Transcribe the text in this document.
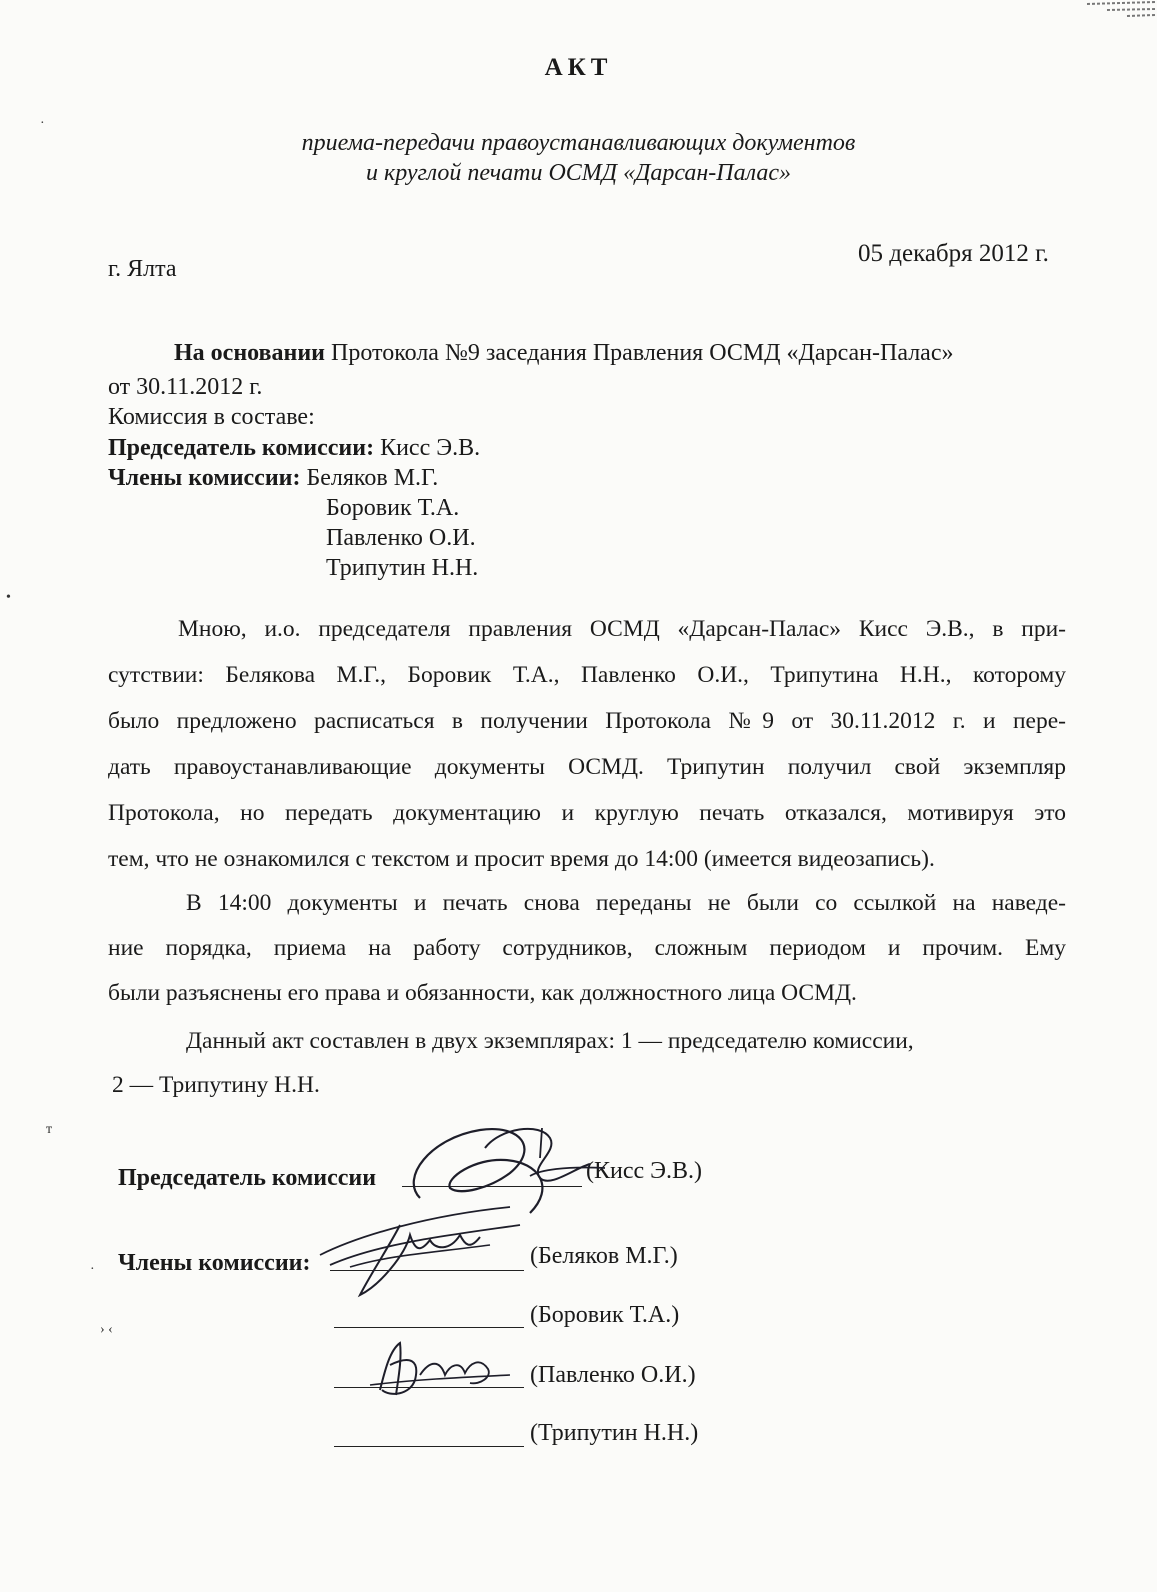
АКТ
приема-передачи правоустанавливающих документов
и круглой печати ОСМД «Дарсан-Палас»
г. Ялта
05 декабря 2012 г.
На основании Протокола №9 заседания Правления ОСМД «Дарсан-Палас»
от 30.11.2012 г.
Комиссия в составе:
Председатель комиссии: Кисс Э.В.
Члены комиссии: Беляков М.Г.
Боровик Т.А.
Павленко О.И.
Трипутин Н.Н.
Мною, и.о. председателя правления ОСМД «Дарсан-Палас» Кисс Э.В., в при-
сутствии: Белякова М.Г., Боровик Т.А., Павленко О.И., Трипутина Н.Н., которому
было предложено расписаться в получении Протокола №9 от 30.11.2012 г. и пере-
дать правоустанавливающие документы ОСМД. Трипутин получил свой экземпляр
Протокола, но передать документацию и круглую печать отказался, мотивируя это
тем, что не ознакомился с текстом и просит время до 14:00 (имеется видеозапись).
В 14:00 документы и печать снова переданы не были со ссылкой на наведе-
ние порядка, приема на работу сотрудников, сложным периодом и прочим. Ему
были разъяснены его права и обязанности, как должностного лица ОСМД.
Данный акт составлен в двух экземплярах: 1 — председателю комиссии,
2 — Трипутину Н.Н.
Председатель комиссии	(Кисс Э.В.)
Члены комиссии:	(Беляков М.Г.)
(Боровик Т.А.)
(Павленко О.И.)
(Трипутин Н.Н.)
·
•
т
› ‹
·
